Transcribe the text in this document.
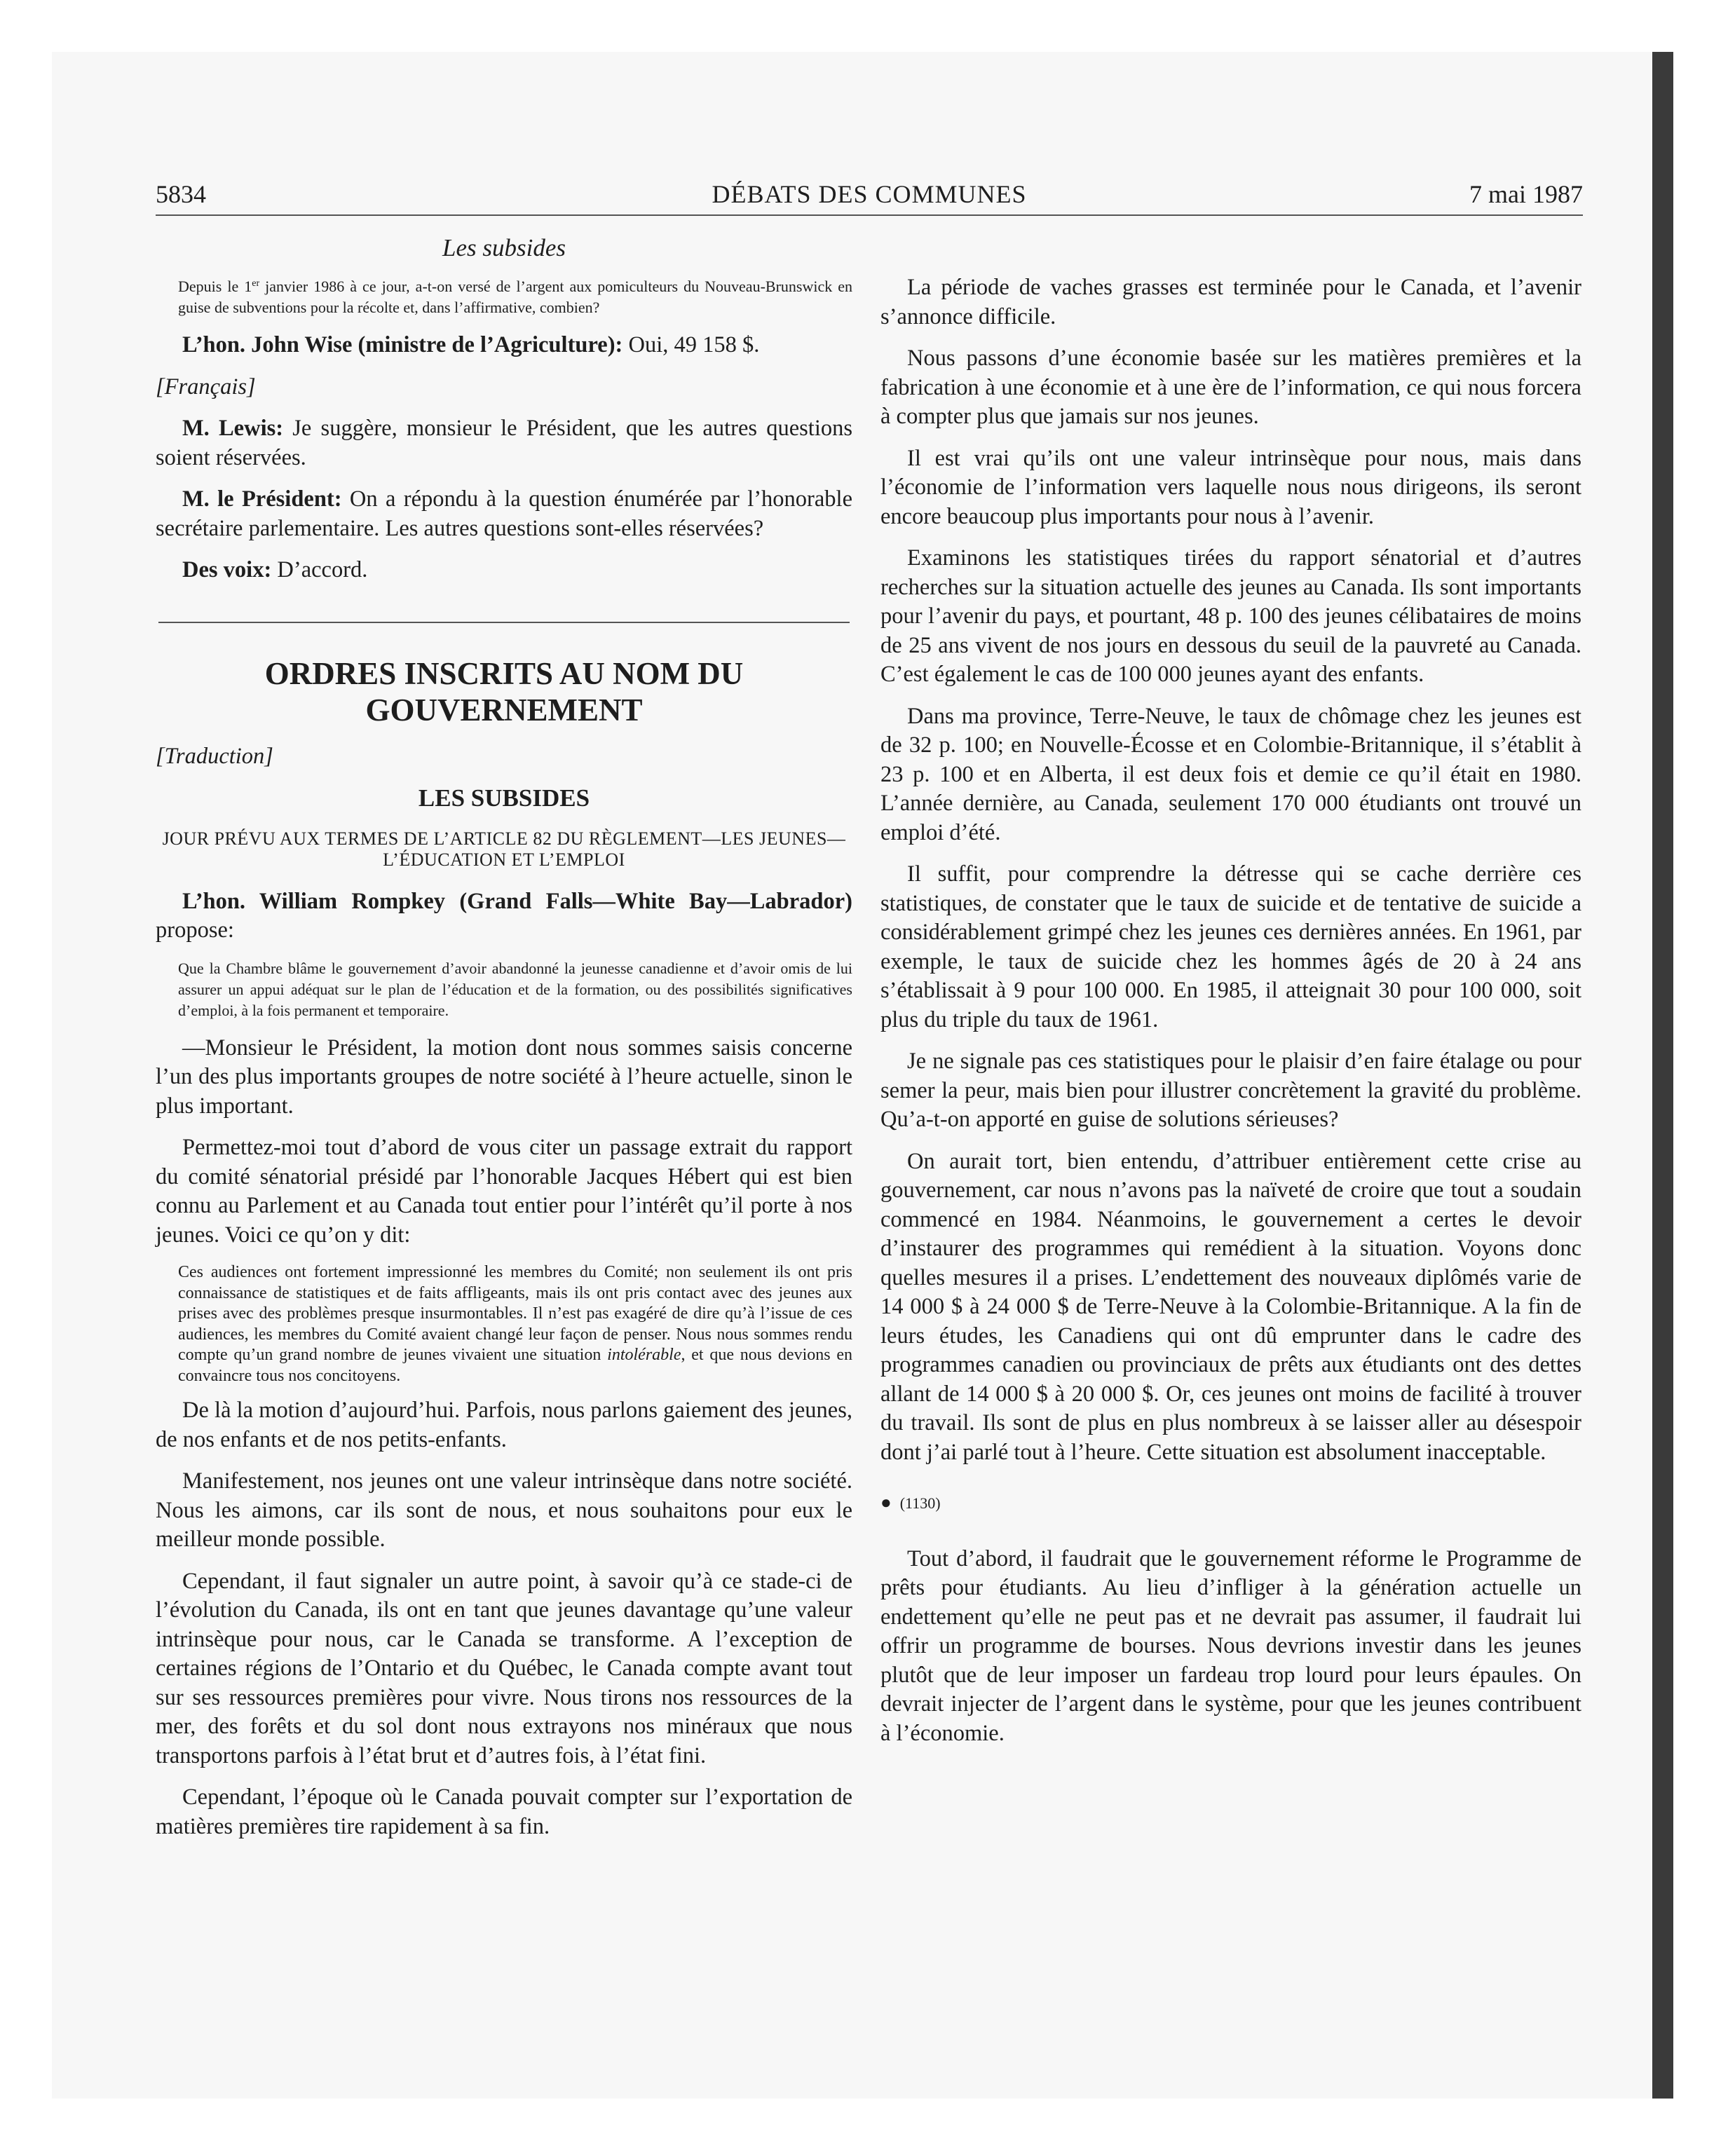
5834	DÉBATS DES COMMUNES	7 mai 1987
Les subsides
Depuis le 1er janvier 1986 à ce jour, a-t-on versé de l’argent aux pomiculteurs du Nouveau-Brunswick en guise de subventions pour la récolte et, dans l’affirmative, combien?

L’hon. John Wise (ministre de l’Agriculture): Oui, 49 158 $.

[Français]

M. Lewis: Je suggère, monsieur le Président, que les autres questions soient réservées.

M. le Président: On a répondu à la question énumérée par l’honorable secrétaire parlementaire. Les autres questions sont-elles réservées?

Des voix: D’accord.

ORDRES INSCRITS AU NOM DU GOUVERNEMENT

[Traduction]

LES SUBSIDES
JOUR PRÉVU AUX TERMES DE L’ARTICLE 82 DU RÈGLEMENT—LES JEUNES—L’ÉDUCATION ET L’EMPLOI

L’hon. William Rompkey (Grand Falls—White Bay—Labrador) propose:

Que la Chambre blâme le gouvernement d’avoir abandonné la jeunesse canadienne et d’avoir omis de lui assurer un appui adéquat sur le plan de l’éducation et de la formation, ou des possibilités significatives d’emploi, à la fois permanent et temporaire.

—Monsieur le Président, la motion dont nous sommes saisis concerne l’un des plus importants groupes de notre société à l’heure actuelle, sinon le plus important.

Permettez-moi tout d’abord de vous citer un passage extrait du rapport du comité sénatorial présidé par l’honorable Jacques Hébert qui est bien connu au Parlement et au Canada tout entier pour l’intérêt qu’il porte à nos jeunes. Voici ce qu’on y dit:

Ces audiences ont fortement impressionné les membres du Comité; non seulement ils ont pris connaissance de statistiques et de faits affligeants, mais ils ont pris contact avec des jeunes aux prises avec des problèmes presque insurmontables. Il n’est pas exagéré de dire qu’à l’issue de ces audiences, les membres du Comité avaient changé leur façon de penser. Nous nous sommes rendu compte qu’un grand nombre de jeunes vivaient une situation intolérable, et que nous devions en convaincre tous nos concitoyens.

De là la motion d’aujourd’hui. Parfois, nous parlons gaiement des jeunes, de nos enfants et de nos petits-enfants.

Manifestement, nos jeunes ont une valeur intrinsèque dans notre société. Nous les aimons, car ils sont de nous, et nous souhaitons pour eux le meilleur monde possible.

Cependant, il faut signaler un autre point, à savoir qu’à ce stade-ci de l’évolution du Canada, ils ont en tant que jeunes davantage qu’une valeur intrinsèque pour nous, car le Canada se transforme. A l’exception de certaines régions de l’Ontario et du Québec, le Canada compte avant tout sur ses ressources premières pour vivre. Nous tirons nos ressources de la mer, des forêts et du sol dont nous extrayons nos minéraux que nous transportons parfois à l’état brut et d’autres fois, à l’état fini.

Cependant, l’époque où le Canada pouvait compter sur l’exportation de matières premières tire rapidement à sa fin.

La période de vaches grasses est terminée pour le Canada, et l’avenir s’annonce difficile.

Nous passons d’une économie basée sur les matières premières et la fabrication à une économie et à une ère de l’information, ce qui nous forcera à compter plus que jamais sur nos jeunes.

Il est vrai qu’ils ont une valeur intrinsèque pour nous, mais dans l’économie de l’information vers laquelle nous nous dirigeons, ils seront encore beaucoup plus importants pour nous à l’avenir.

Examinons les statistiques tirées du rapport sénatorial et d’autres recherches sur la situation actuelle des jeunes au Canada. Ils sont importants pour l’avenir du pays, et pourtant, 48 p. 100 des jeunes célibataires de moins de 25 ans vivent de nos jours en dessous du seuil de la pauvreté au Canada. C’est également le cas de 100 000 jeunes ayant des enfants.

Dans ma province, Terre-Neuve, le taux de chômage chez les jeunes est de 32 p. 100; en Nouvelle-Écosse et en Colombie-Britannique, il s’établit à 23 p. 100 et en Alberta, il est deux fois et demie ce qu’il était en 1980. L’année dernière, au Canada, seulement 170 000 étudiants ont trouvé un emploi d’été.

Il suffit, pour comprendre la détresse qui se cache derrière ces statistiques, de constater que le taux de suicide et de tentative de suicide a considérablement grimpé chez les jeunes ces dernières années. En 1961, par exemple, le taux de suicide chez les hommes âgés de 20 à 24 ans s’établissait à 9 pour 100 000. En 1985, il atteignait 30 pour 100 000, soit plus du triple du taux de 1961.

Je ne signale pas ces statistiques pour le plaisir d’en faire étalage ou pour semer la peur, mais bien pour illustrer concrètement la gravité du problème. Qu’a-t-on apporté en guise de solutions sérieuses?

On aurait tort, bien entendu, d’attribuer entièrement cette crise au gouvernement, car nous n’avons pas la naïveté de croire que tout a soudain commencé en 1984. Néanmoins, le gouvernement a certes le devoir d’instaurer des programmes qui remédient à la situation. Voyons donc quelles mesures il a prises. L’endettement des nouveaux diplômés varie de 14 000 $ à 24 000 $ de Terre-Neuve à la Colombie-Britannique. A la fin de leurs études, les Canadiens qui ont dû emprunter dans le cadre des programmes canadien ou provinciaux de prêts aux étudiants ont des dettes allant de 14 000 $ à 20 000 $. Or, ces jeunes ont moins de facilité à trouver du travail. Ils sont de plus en plus nombreux à se laisser aller au désespoir dont j’ai parlé tout à l’heure. Cette situation est absolument inacceptable.

● (1130)

Tout d’abord, il faudrait que le gouvernement réforme le Programme de prêts pour étudiants. Au lieu d’infliger à la génération actuelle un endettement qu’elle ne peut pas et ne devrait pas assumer, il faudrait lui offrir un programme de bourses. Nous devrions investir dans les jeunes plutôt que de leur imposer un fardeau trop lourd pour leurs épaules. On devrait injecter de l’argent dans le système, pour que les jeunes contribuent à l’économie.
